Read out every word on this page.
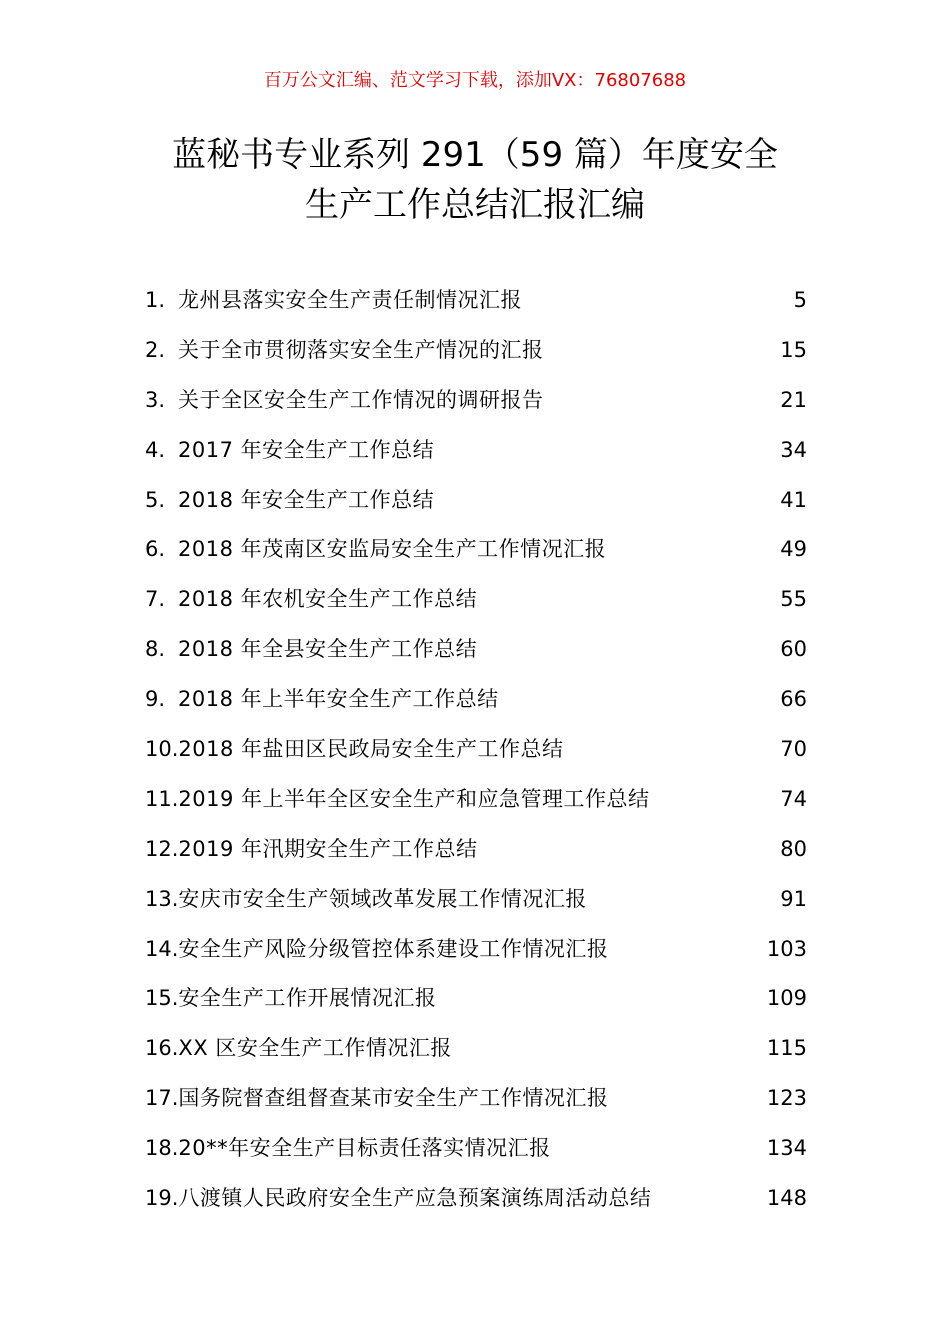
百万公文汇编、范文学习下载，添加VX：76807688
蓝秘书专业系列 291（59 篇）年度安全
生产工作总结汇报汇编
1. 龙州县落实安全生产责任制情况汇报	5
2. 关于全市贯彻落实安全生产情况的汇报	15
3. 关于全区安全生产工作情况的调研报告	21
4. 2017 年安全生产工作总结	34
5. 2018 年安全生产工作总结	41
6. 2018 年茂南区安监局安全生产工作情况汇报	49
7. 2018 年农机安全生产工作总结	55
8. 2018 年全县安全生产工作总结	60
9. 2018 年上半年安全生产工作总结	66
10. 2018 年盐田区民政局安全生产工作总结	70
11. 2019 年上半年全区安全生产和应急管理工作总结	74
12. 2019 年汛期安全生产工作总结	80
13. 安庆市安全生产领域改革发展工作情况汇报	91
14. 安全生产风险分级管控体系建设工作情况汇报	103
15. 安全生产工作开展情况汇报	109
16. XX 区安全生产工作情况汇报	115
17. 国务院督查组督查某市安全生产工作情况汇报	123
18. 20**年安全生产目标责任落实情况汇报	134
19. 八渡镇人民政府安全生产应急预案演练周活动总结	148
